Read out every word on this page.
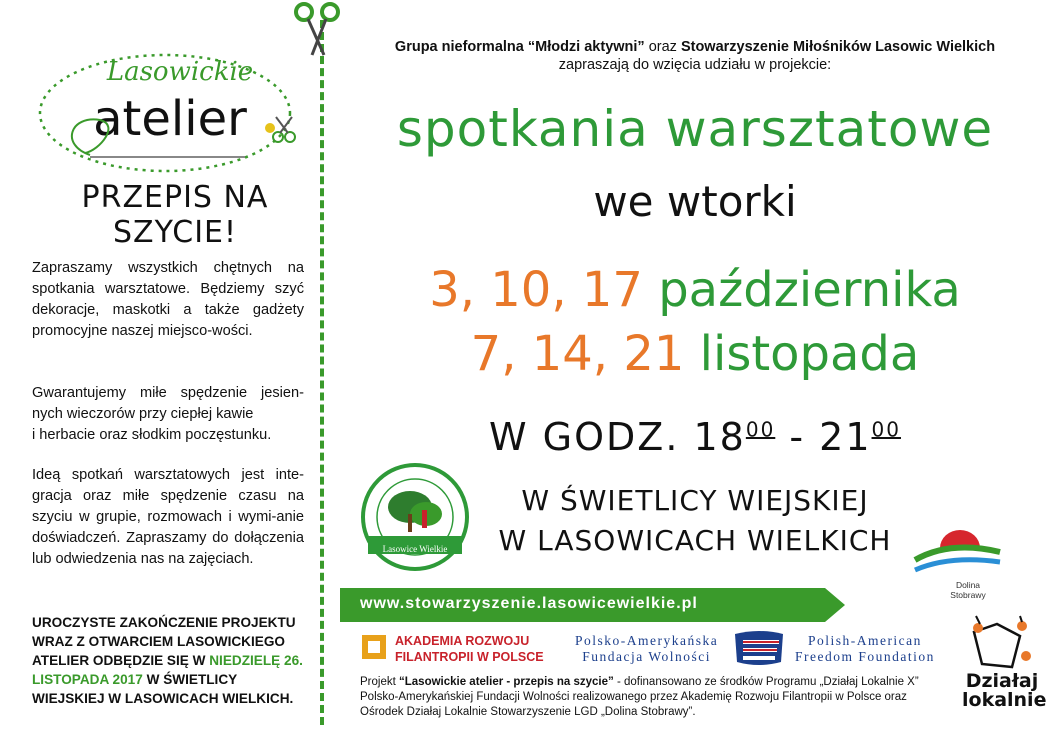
Lasowickie
atelier
PRZEPIS NA SZYCIE!
Zapraszamy wszystkich chętnych na spotkania warsztatowe. Będziemy szyć dekoracje, maskotki a także gadżety promocyjne naszej miejsco-wości.
Gwarantujemy miłe spędzenie jesien-nych wieczorów przy ciepłej kawie
i herbacie oraz słodkim poczęstunku.
Ideą spotkań warsztatowych jest inte-gracja oraz miłe spędzenie czasu na szyciu w grupie, rozmowach i wymi-anie doświadczeń. Zapraszamy do dołączenia lub odwiedzenia nas na zajęciach.
UROCZYSTE ZAKOŃCZENIE PROJEKTU WRAZ Z OTWARCIEM LASOWICKIEGO ATELIER ODBĘDZIE SIĘ W NIEDZIELĘ 26. LISTOPADA 2017 W ŚWIETLICY WIEJSKIEJ W LASOWICACH WIELKICH.
Grupa nieformalna “Młodzi aktywni” oraz Stowarzyszenie Miłośników Lasowic Wielkich
zapraszają do wzięcia udziału w projekcie:
spotkania warsztatowe
we wtorki
3, 10, 17 października
7, 14, 21 listopada
W GODZ. $18^{00} - 21^{00}$
W ŚWIETLICY WIEJSKIEJ
W LASOWICACH WIELKICH
Lasowice Wielkie
Dolina
Stobrawy
www.stowarzyszenie.lasowicewielkie.pl
AKADEMIA ROZWOJU
FILANTROPII W POLSCE
Polsko-Amerykańska
Fundacja Wolności
Polish-American
Freedom Foundation
Działaj
lokalnie
Projekt “Lasowickie atelier - przepis na szycie” - dofinansowano ze środków Programu „Działaj Lokalnie X”
Polsko-Amerykańskiej Fundacji Wolności realizowanego przez Akademię Rozwoju Filantropii w Polsce oraz
Ośrodek Działaj Lokalnie Stowarzyszenie LGD „Dolina Stobrawy”.
